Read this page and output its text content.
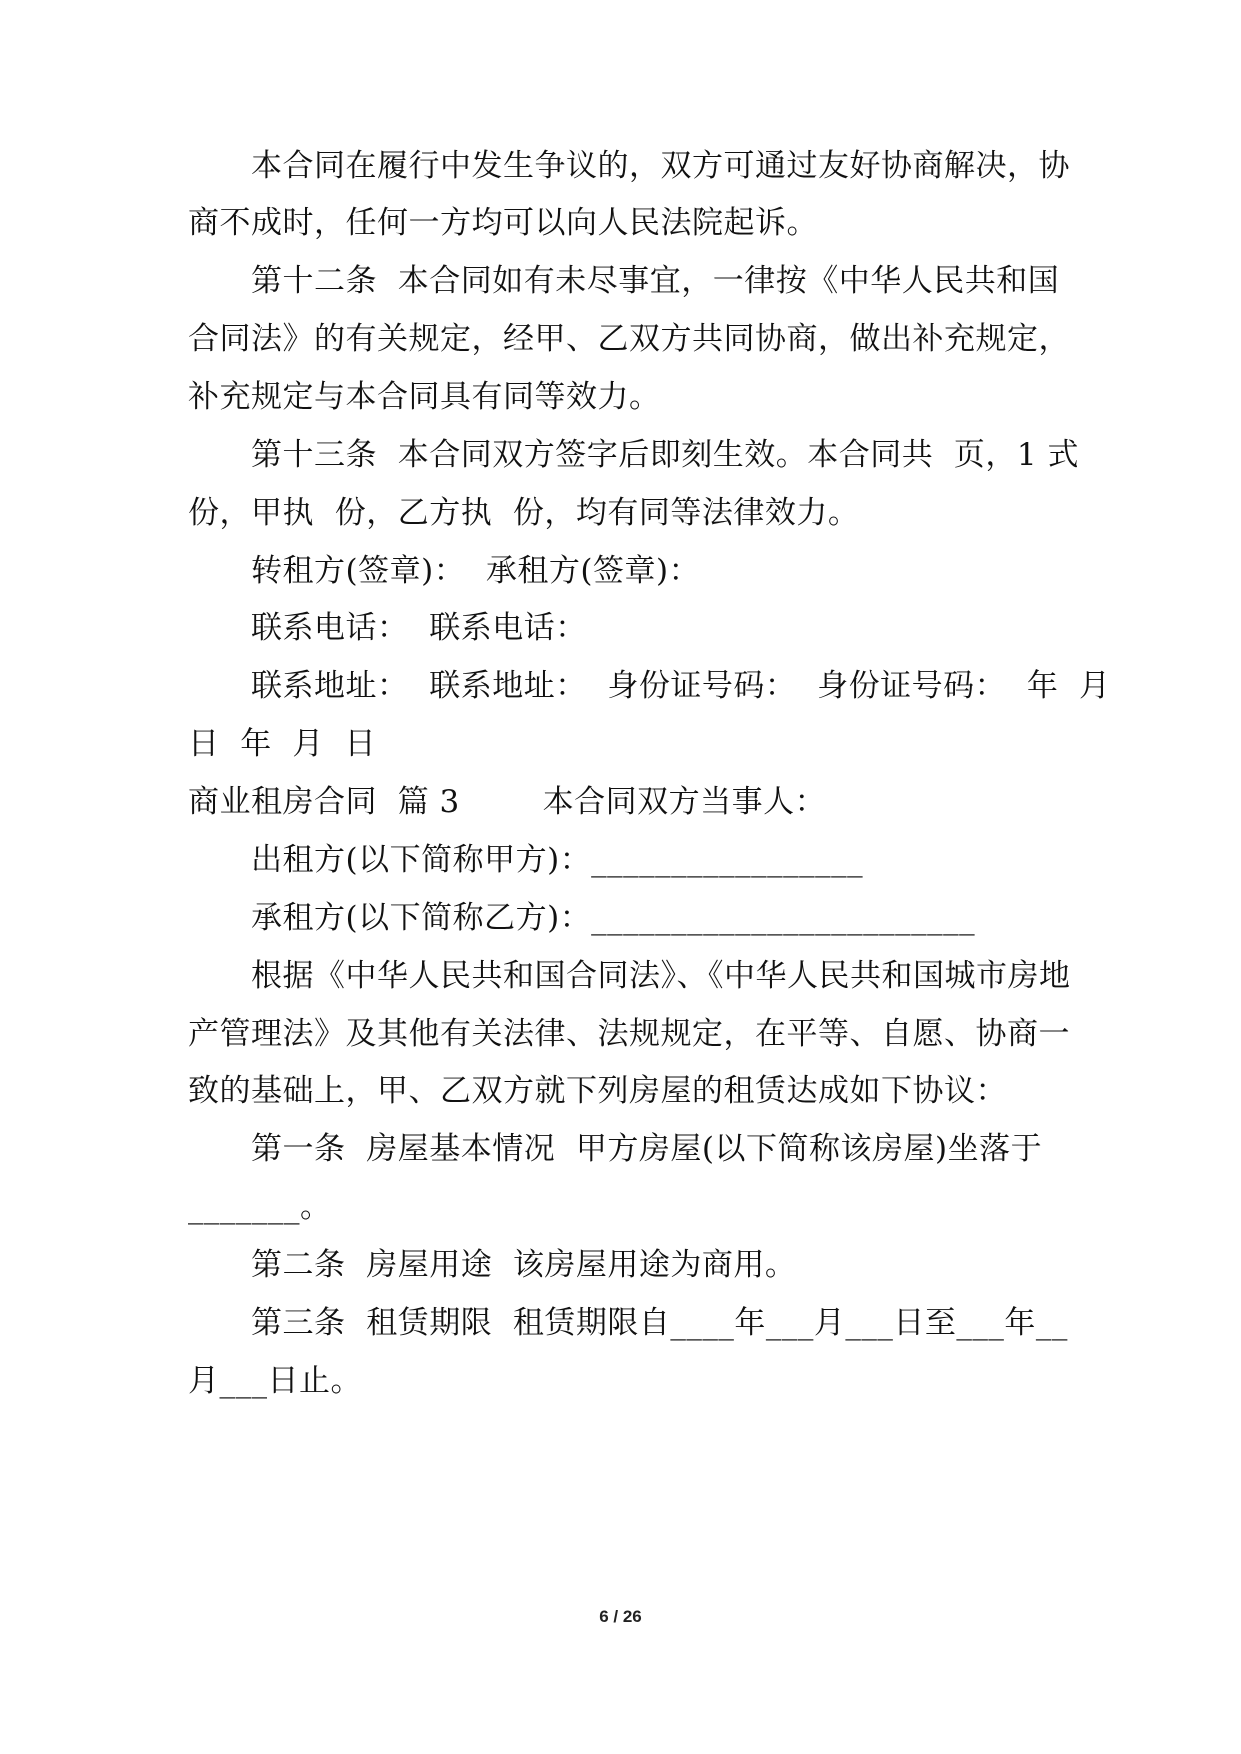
本合同在履行中发生争议的，双方可通过友好协商解决，协
商不成时，任何一方均可以向人民法院起诉。
第十二条  本合同如有未尽事宜，一律按《中华人民共和国
合同法》的有关规定，经甲、乙双方共同协商，做出补充规定，
补充规定与本合同具有同等效力。
第十三条  本合同双方签字后即刻生效。本合同共  页，1 式
份，甲执  份，乙方执  份，均有同等法律效力。
转租方(签章)：  承租方(签章)：
联系电话：  联系电话：
联系地址：  联系地址：  身份证号码：  身份证号码：  年  月
日  年  月  日
商业租房合同  篇 3        本合同双方当事人：
出租方(以下简称甲方)：_________________
承租方(以下简称乙方)：________________________
根据《中华人民共和国合同法》、《中华人民共和国城市房地
产管理法》及其他有关法律、法规规定，在平等、自愿、协商一
致的基础上，甲、乙双方就下列房屋的租赁达成如下协议：
第一条  房屋基本情况  甲方房屋(以下简称该房屋)坐落于
_______。
第二条  房屋用途  该房屋用途为商用。
第三条  租赁期限  租赁期限自____年___月___日至___年__
月___日止。
6 / 26
